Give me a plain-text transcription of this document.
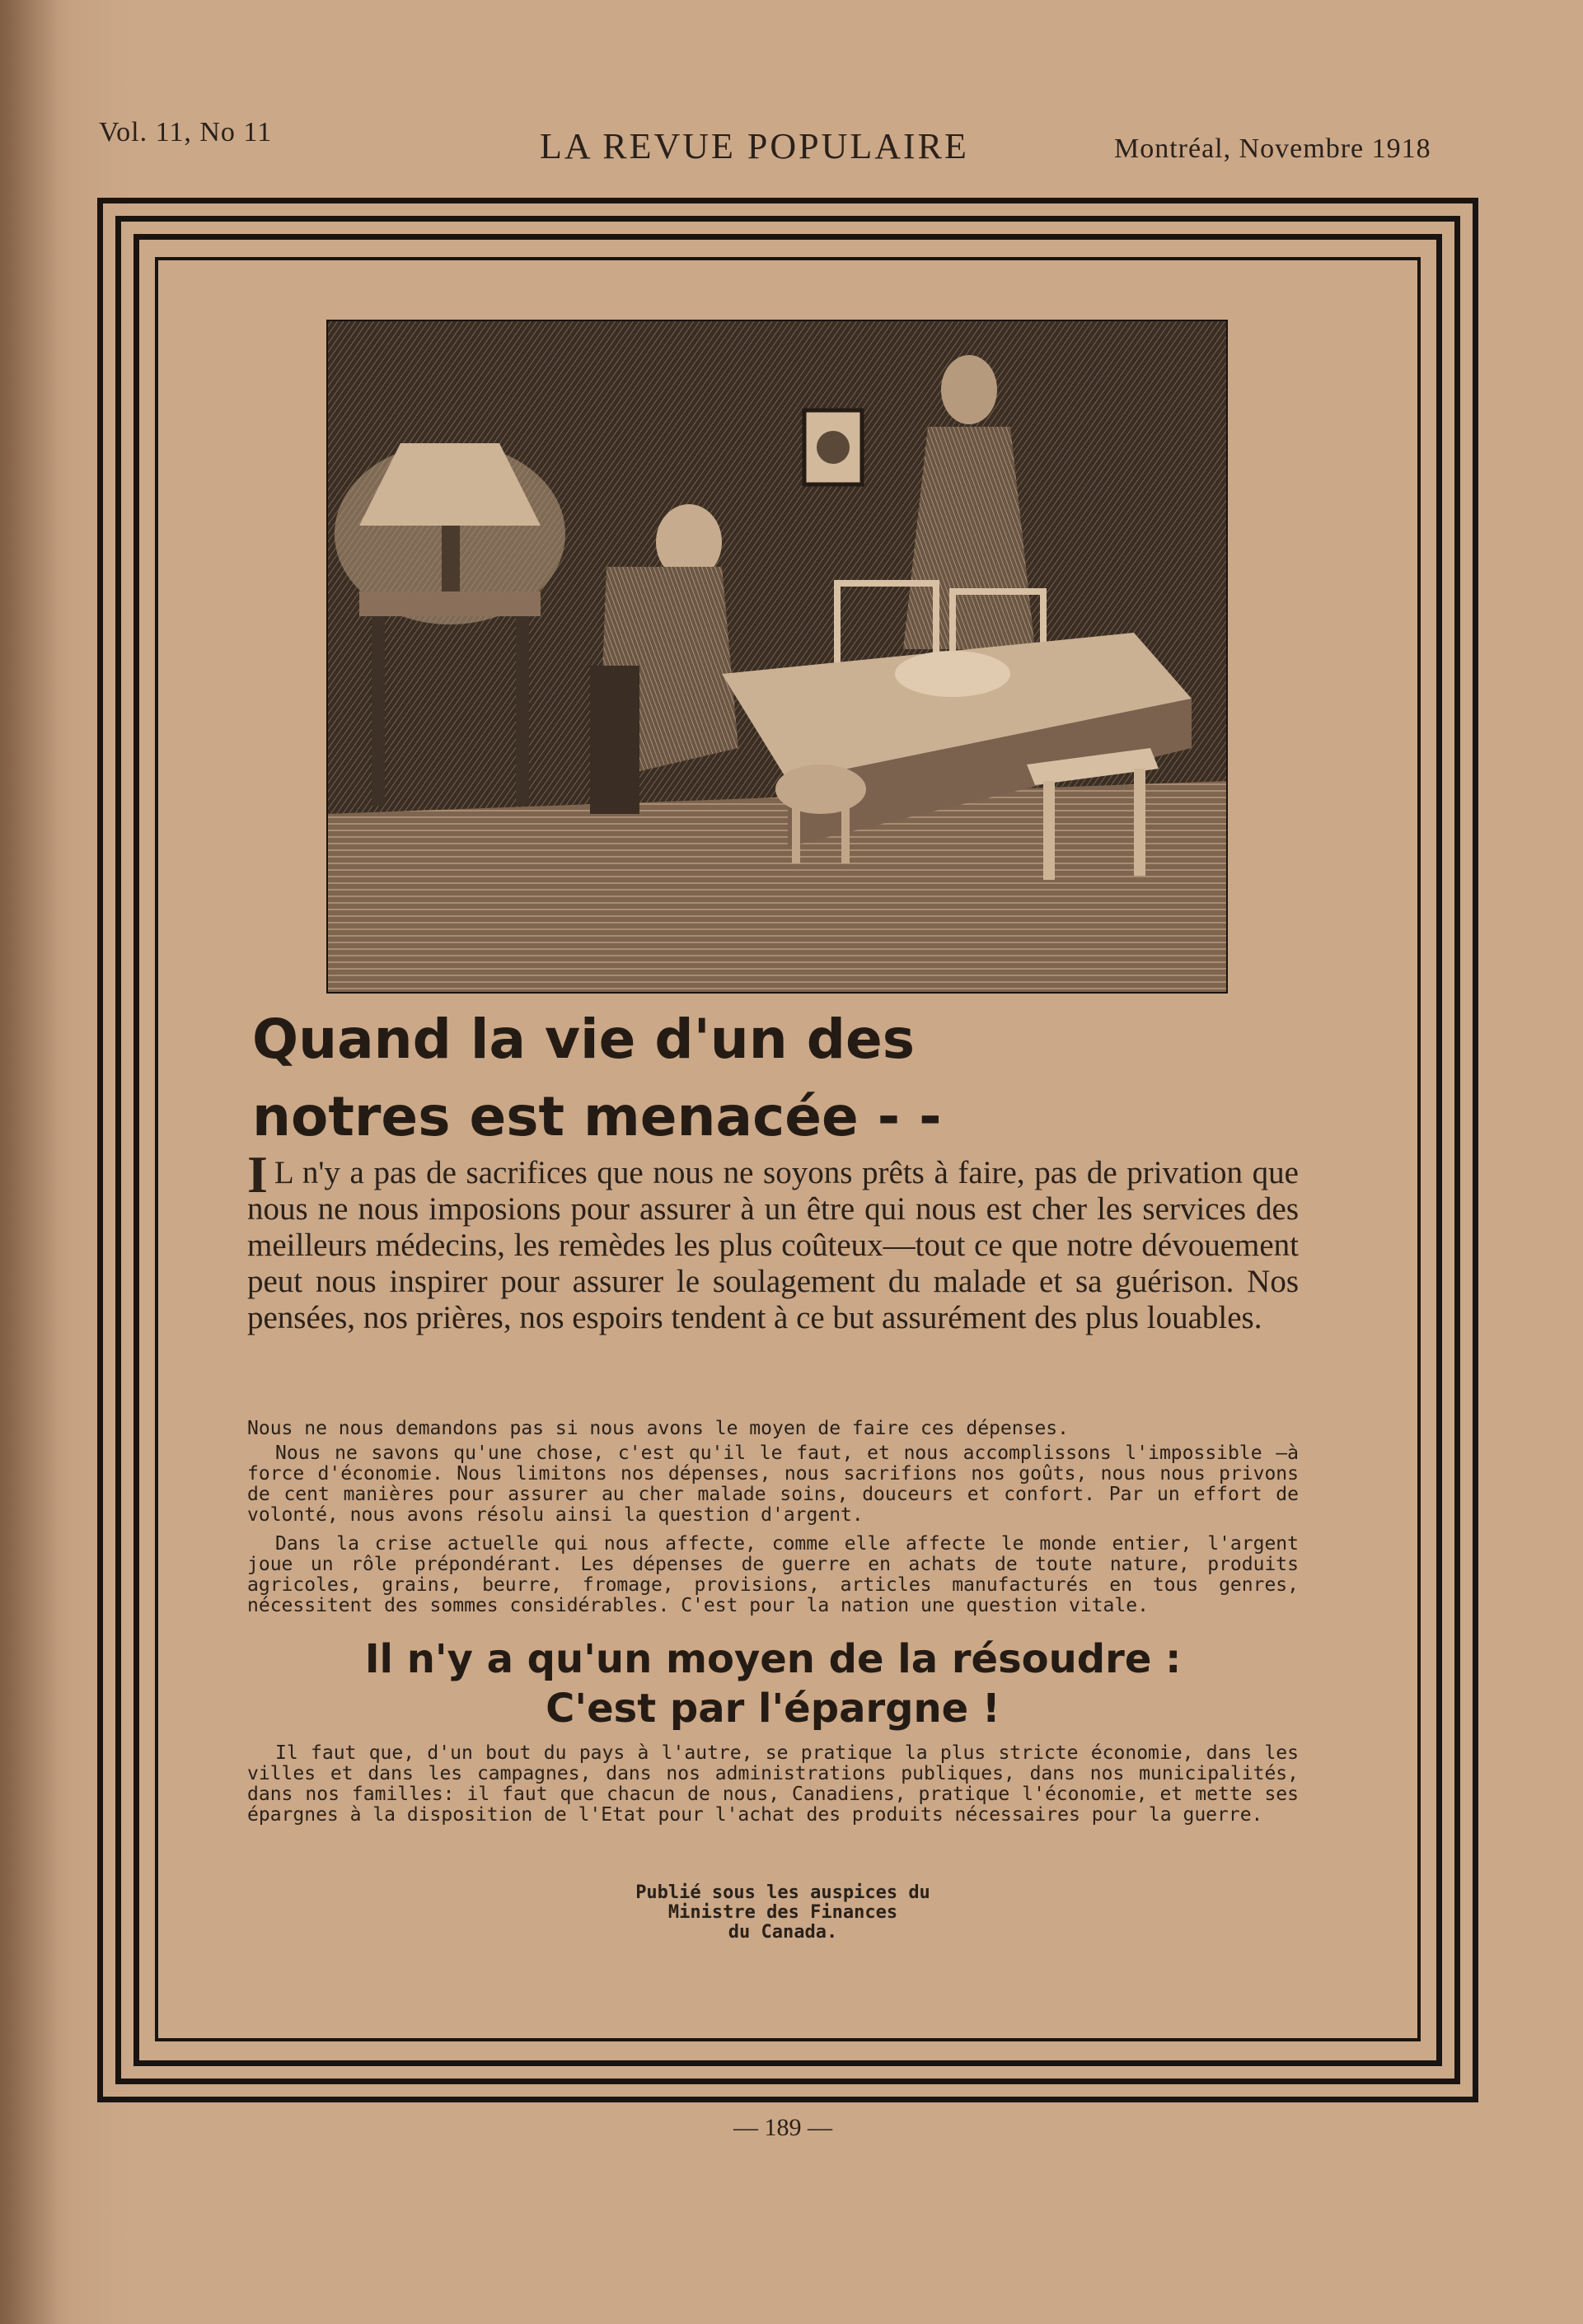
Vol. 11, No 11	LA REVUE POPULAIRE	Montréal, Novembre 1918
Quand la vie d'un des
notres est menacée - -
I L n'y a pas de sacrifices que nous ne soyons prêts à faire, pas de privation que nous ne nous imposions pour assurer à un être qui nous est cher les services des meilleurs médecins, les remèdes les plus coûteux—tout ce que notre dévouement peut nous inspirer pour assurer le soulagement du malade et sa guérison. Nos pensées, nos prières, nos espoirs tendent à ce but assurément des plus louables.
Nous ne nous demandons pas si nous avons le moyen de faire ces dépenses.
Nous ne savons qu'une chose, c'est qu'il le faut, et nous accomplissons l'impossible —à force d'économie. Nous limitons nos dépenses, nous sacrifions nos goûts, nous nous privons de cent manières pour assurer au cher malade soins, douceurs et confort. Par un effort de volonté, nous avons résolu ainsi la question d'argent.
Dans la crise actuelle qui nous affecte, comme elle affecte le monde entier, l'argent joue un rôle prépondérant. Les dépenses de guerre en achats de toute nature, produits agricoles, grains, beurre, fromage, provisions, articles manufacturés en tous genres, nécessitent des sommes considérables. C'est pour la nation une question vitale.
Il n'y a qu'un moyen de la résoudre :
C'est par l'épargne !
Il faut que, d'un bout du pays à l'autre, se pratique la plus stricte économie, dans les villes et dans les campagnes, dans nos administrations publiques, dans nos municipalités, dans nos familles: il faut que chacun de nous, Canadiens, pratique l'économie, et mette ses épargnes à la disposition de l'Etat pour l'achat des produits nécessaires pour la guerre.
Publié sous les auspices du
Ministre des Finances
du Canada.
— 189 —
